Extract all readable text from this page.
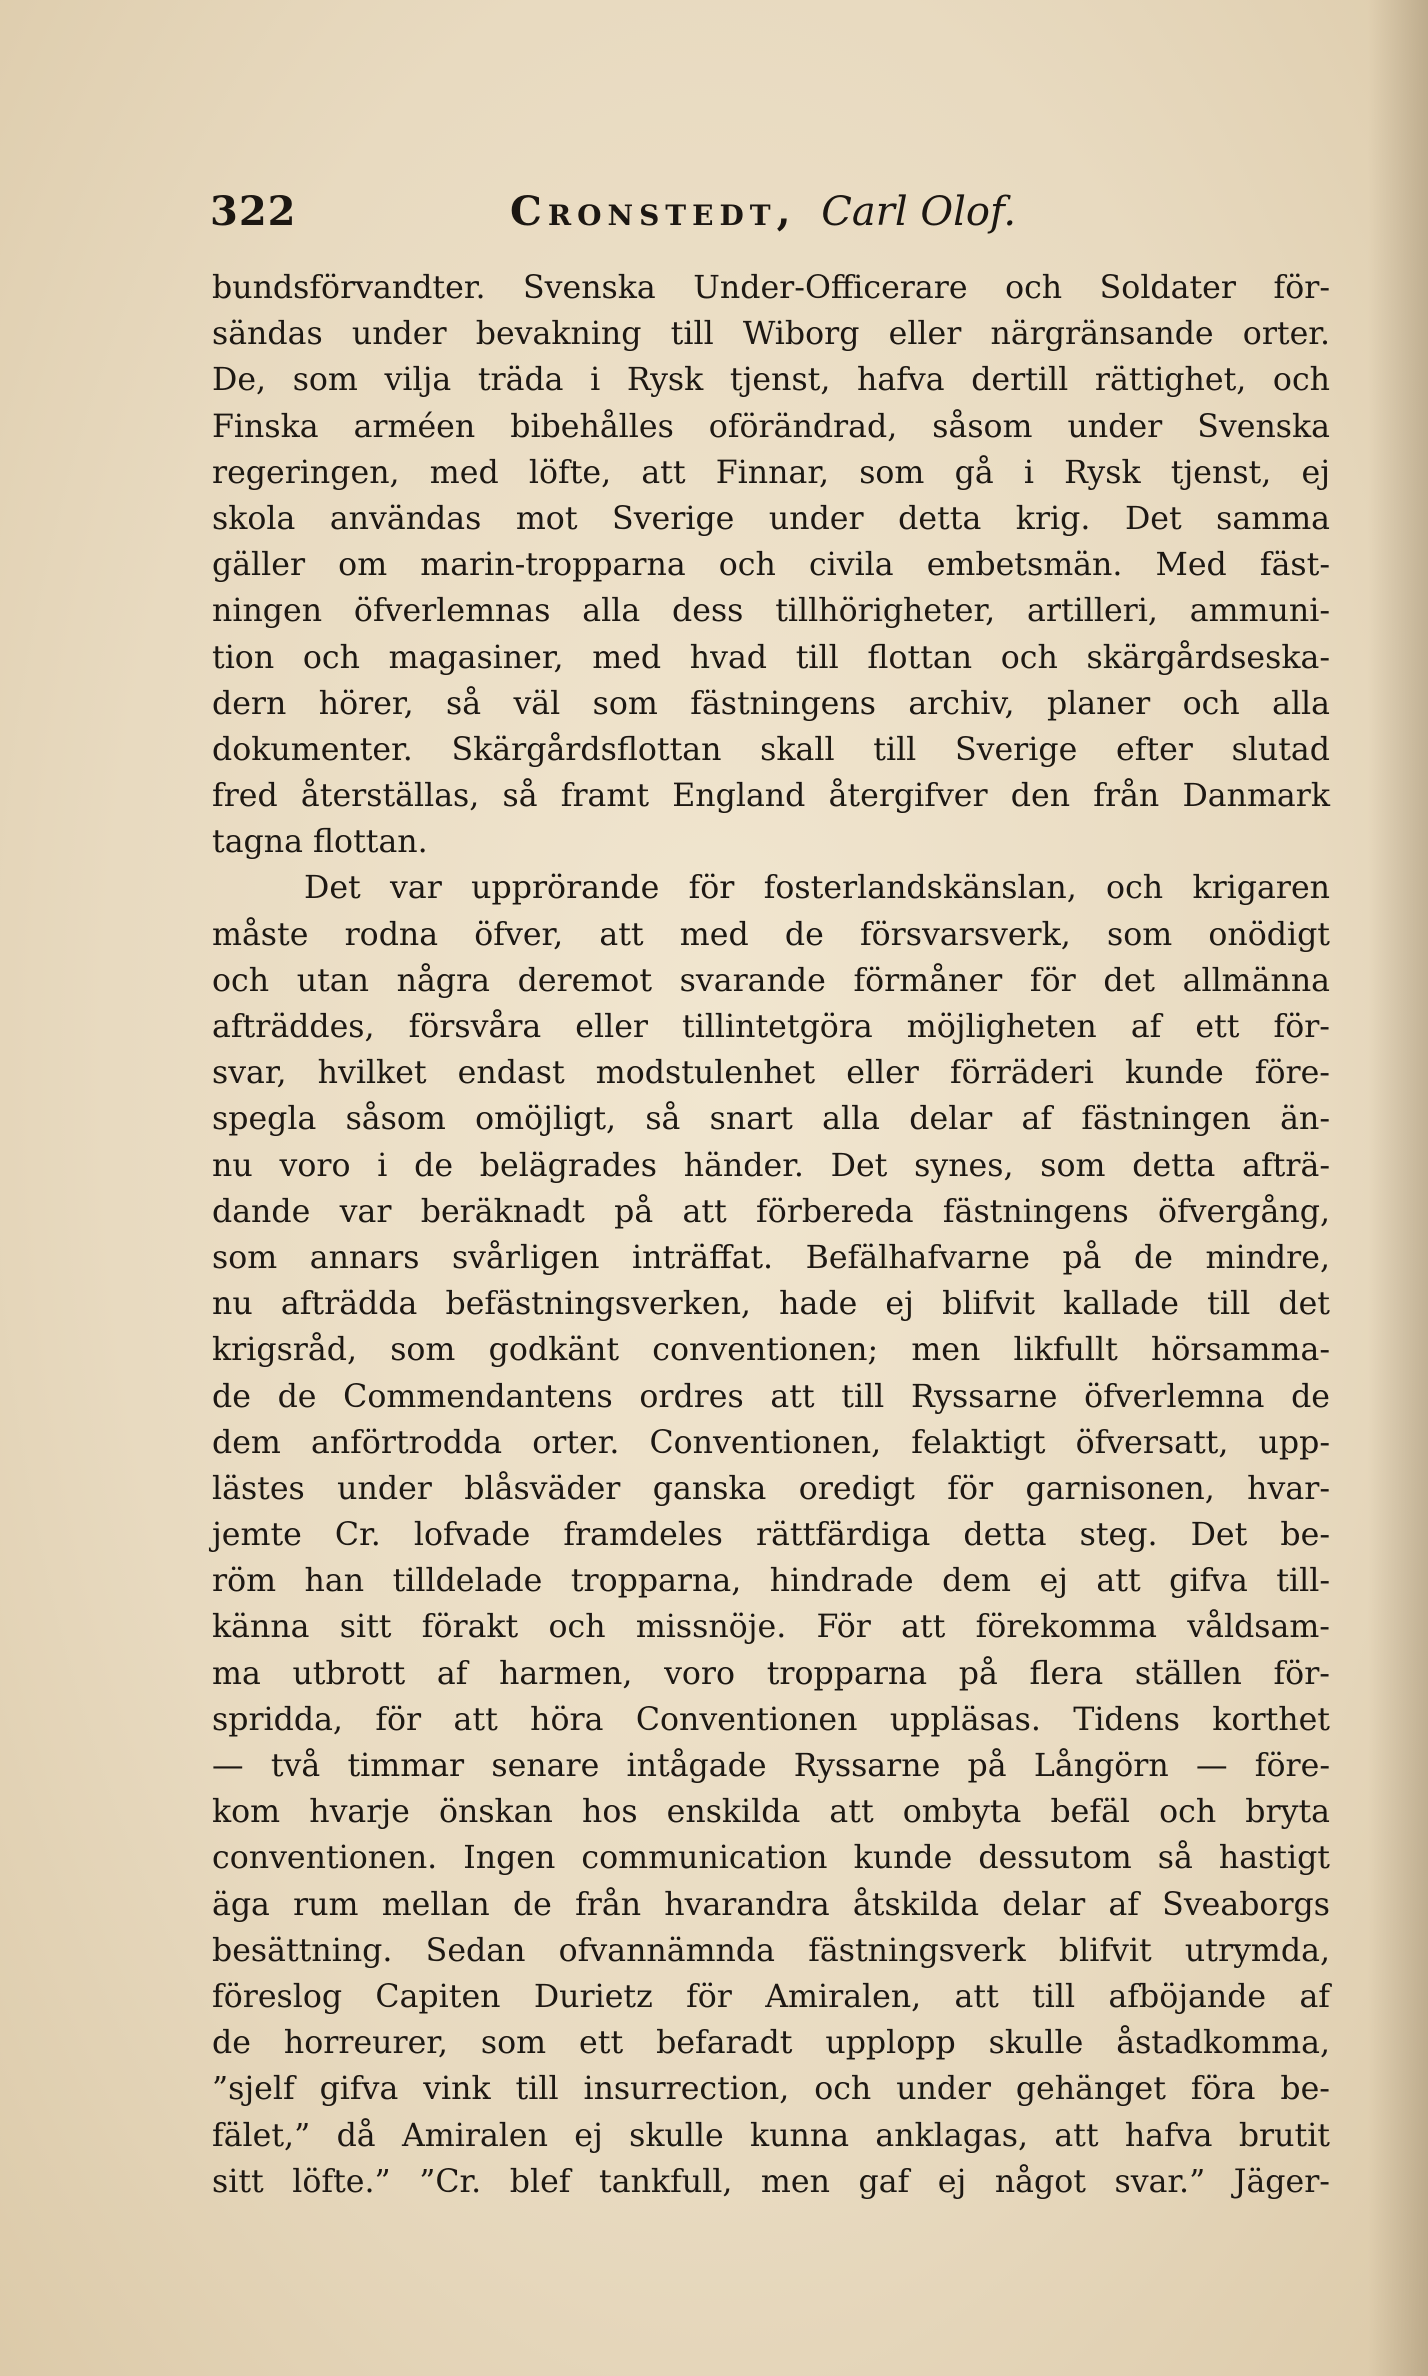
322	Cronstedt, Carl Olof.
bundsförvandter. Svenska Under-Officerare och Soldater för-
sändas under bevakning till Wiborg eller närgränsande orter.
De, som vilja träda i Rysk tjenst, hafva dertill rättighet, och
Finska arméen bibehålles oförändrad, såsom under Svenska
regeringen, med löfte, att Finnar, som gå i Rysk tjenst, ej
skola användas mot Sverige under detta krig. Det samma
gäller om marin-tropparna och civila embetsmän. Med fäst-
ningen öfverlemnas alla dess tillhörigheter, artilleri, ammuni-
tion och magasiner, med hvad till flottan och skärgårdseska-
dern hörer, så väl som fästningens archiv, planer och alla
dokumenter. Skärgårdsflottan skall till Sverige efter slutad
fred återställas, så framt England återgifver den från Danmark
tagna flottan.
Det var upprörande för fosterlandskänslan, och krigaren
måste rodna öfver, att med de försvarsverk, som onödigt
och utan några deremot svarande förmåner för det allmänna
afträddes, försvåra eller tillintetgöra möjligheten af ett för-
svar, hvilket endast modstulenhet eller förräderi kunde före-
spegla såsom omöjligt, så snart alla delar af fästningen än-
nu voro i de belägrades händer. Det synes, som detta afträ-
dande var beräknadt på att förbereda fästningens öfvergång,
som annars svårligen inträffat. Befälhafvarne på de mindre,
nu afträdda befästningsverken, hade ej blifvit kallade till det
krigsråd, som godkänt conventionen; men likfullt hörsamma-
de de Commendantens ordres att till Ryssarne öfverlemna de
dem anförtrodda orter. Conventionen, felaktigt öfversatt, upp-
lästes under blåsväder ganska oredigt för garnisonen, hvar-
jemte Cr. lofvade framdeles rättfärdiga detta steg. Det be-
röm han tilldelade tropparna, hindrade dem ej att gifva till-
känna sitt förakt och missnöje. För att förekomma våldsam-
ma utbrott af harmen, voro tropparna på flera ställen för-
spridda, för att höra Conventionen uppläsas. Tidens korthet
— två timmar senare intågade Ryssarne på Långörn — före-
kom hvarje önskan hos enskilda att ombyta befäl och bryta
conventionen. Ingen communication kunde dessutom så hastigt
äga rum mellan de från hvarandra åtskilda delar af Sveaborgs
besättning. Sedan ofvannämnda fästningsverk blifvit utrymda,
föreslog Capiten Durietz för Amiralen, att till afböjande af
de horreurer, som ett befaradt upplopp skulle åstadkomma,
”sjelf gifva vink till insurrection, och under gehänget föra be-
fälet,” då Amiralen ej skulle kunna anklagas, att hafva brutit
sitt löfte.” ”Cr. blef tankfull, men gaf ej något svar.” Jäger-
